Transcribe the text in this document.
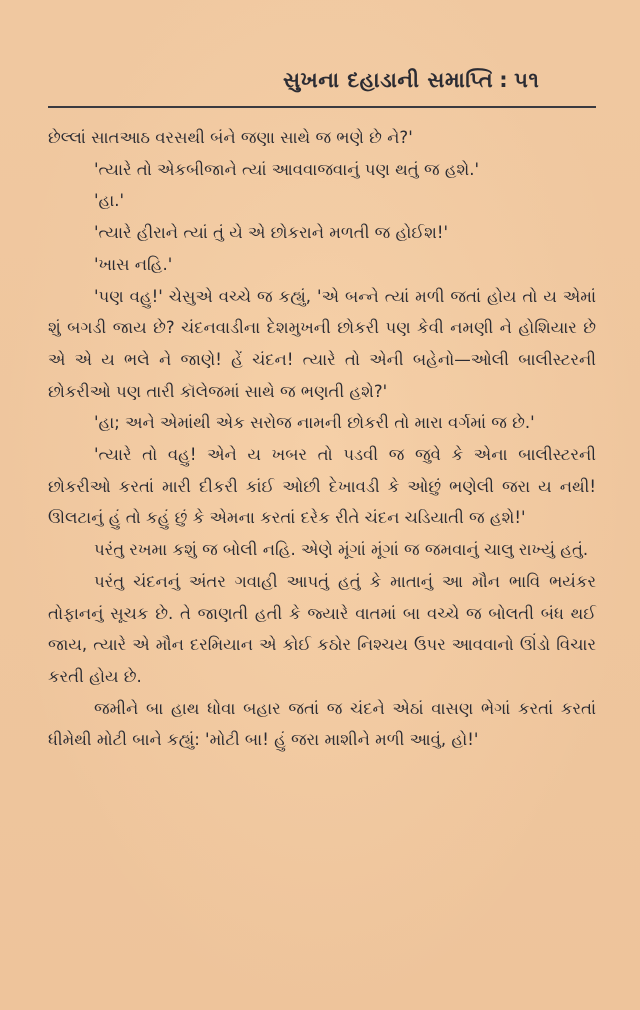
સુખના દહાડાની સમાપ્તિ : ૫૧

છેલ્લાં સાતઆઠ વરસથી બંને જણા સાથે જ ભણે છે ને?'

'ત્યારે તો એકબીજાને ત્યાં આવવાજવાનું પણ થતું જ હશે.'

'હા.'

'ત્યારે હીરાને ત્યાં તું યે એ છોકરાને મળતી જ હોઈશ!'

'ખાસ નહિ.'

'પણ વહુ!' ચેસુએ વચ્ચે જ કહ્યું, 'એ બન્ને ત્યાં મળી જતાં હોય તો ય એમાં શું બગડી જાય છે? ચંદનવાડીના દેશમુખની છોકરી પણ કેવી નમણી ને હોશિયાર છે એ એ ય ભલે ને જાણે! હેં ચંદન! ત્યારે તો એની બહેનો—ઓલી બાલીસ્ટરની છોકરીઓ પણ તારી કૉલેજમાં સાથે જ ભણતી હશે?'

'હા; અને એમાંથી એક સરોજ નામની છોકરી તો મારા વર્ગમાં જ છે.'

'ત્યારે તો વહુ! એને ય ખબર તો પડવી જ જુવે કે એના બાલીસ્ટરની છોકરીઓ કરતાં મારી દીકરી કાંઈ ઓછી દેખાવડી કે ઓછું ભણેલી જરા ય નથી! ઊલટાનું હું તો કહું છું કે એમના કરતાં દરેક રીતે ચંદન ચડિયાતી જ હશે!'

પરંતુ રખમા કશું જ બોલી નહિ. એણે મૂંગાં મૂંગાં જ જમવાનું ચાલુ રાખ્યું હતું.

પરંતુ ચંદનનું અંતર ગવાહી આપતું હતું કે માતાનું આ મૌન ભાવિ ભયંકર તોફાનનું સૂચક છે. તે જાણતી હતી કે જ્યારે વાતમાં બા વચ્ચે જ બોલતી બંધ થઈ જાય, ત્યારે એ મૌન દરમિયાન એ કોઈ કઠોર નિશ્ચય ઉપર આવવાનો ઊંડો વિચાર કરતી હોય છે.

જમીને બા હાથ ધોવા બહાર જતાં જ ચંદને એઠાં વાસણ ભેગાં કરતાં કરતાં ધીમેથી મોટી બાને કહ્યું: 'મોટી બા! હું જરા માશીને મળી આવું, હો!'
